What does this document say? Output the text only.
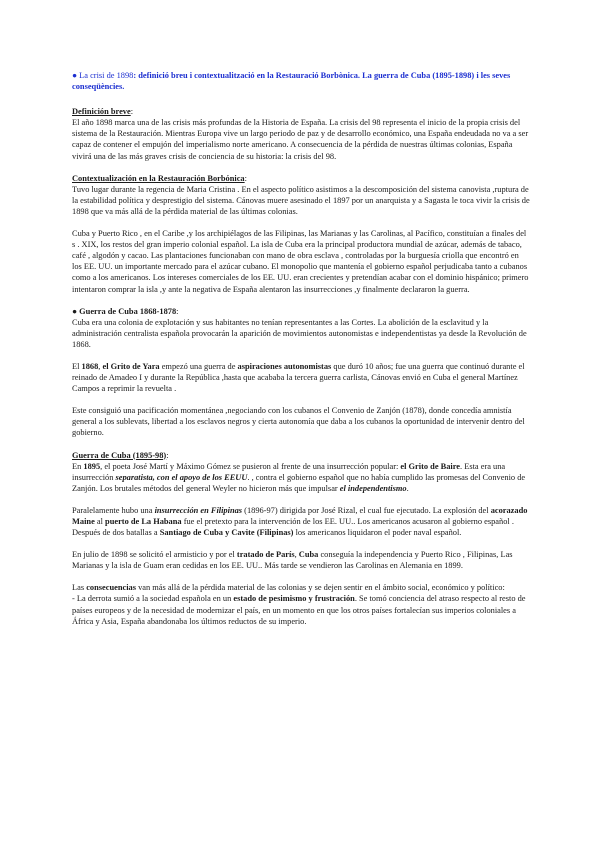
● La crisi de 1898: definició breu i contextualització en la Restauració Borbònica. La guerra de Cuba (1895-1898) i les seves conseqüències.

Definición breve:
El año 1898 marca una de las crisis más profundas de la Historia de España. La crisis del 98 representa el inicio de la propia crisis del sistema de la Restauración. Mientras Europa vive un largo periodo de paz y de desarrollo económico, una España endeudada no va a ser capaz de contener el empujón del imperialismo norte americano. A consecuencia de la pérdida de nuestras últimas colonias, España vivirá una de las más graves crisis de conciencia de su historia: la crisis del 98.

Contextualización en la Restauración Borbónica:
Tuvo lugar durante la regencia de Maria Cristina . En el aspecto político asistimos a la descomposición del sistema canovista ,ruptura de la estabilidad política y desprestigio del sistema. Cánovas muere asesinado el 1897 por un anarquista y a Sagasta le toca vivir la crisis de 1898 que va más allá de la pérdida material de las últimas colonias.

Cuba y Puerto Rico , en el Caribe ,y los archipiélagos de las Filipinas, las Marianas y las Carolinas, al Pacífico, constituían a finales del s . XIX, los restos del gran imperio colonial español. La isla de Cuba era la principal productora mundial de azúcar, además de tabaco, café , algodón y cacao. Las plantaciones funcionaban con mano de obra esclava , controladas por la burguesía criolla que encontró en los EE. UU. un importante mercado para el azúcar cubano. El monopolio que mantenía el gobierno español perjudicaba tanto a cubanos como a los americanos. Los intereses comerciales de los EE. UU. eran crecientes y pretendían acabar con el dominio hispánico; primero intentaron comprar la isla ,y ante la negativa de España alentaron las insurrecciones ,y finalmente declararon la guerra.

● Guerra de Cuba 1868-1878:
Cuba era una colonia de explotación y sus habitantes no tenían representantes a las Cortes. La abolición de la esclavitud y la administración centralista española provocarán la aparición de movimientos autonomistas e independentistas ya desde la Revolución de 1868.

El 1868, el Grito de Yara empezó una guerra de aspiraciones autonomistas que duró 10 años; fue una guerra que continuó durante el reinado de Amadeo I y durante la República ,hasta que acababa la tercera guerra carlista, Cánovas envió en Cuba el general Martínez Campos a reprimir la revuelta .

Este consiguió una pacificación momentánea ,negociando con los cubanos el Convenio de Zanjón (1878), donde concedía amnistía general a los sublevats, libertad a los esclavos negros y cierta autonomía que daba a los cubanos la oportunidad de intervenir dentro del gobierno.

Guerra de Cuba (1895-98):
En 1895, el poeta José Martí y Máximo Gómez se pusieron al frente de una insurrección popular: el Grito de Baire. Esta era una insurrección separatista, con el apoyo de los EEUU. , contra el gobierno español que no había cumplido las promesas del Convenio de Zanjón. Los brutales métodos del general Weyler no hicieron más que impulsar el independentismo.

Paralelamente hubo una insurrección en Filipinas (1896-97) dirigida por José Rizal, el cual fue ejecutado. La explosión del acorazado Maine al puerto de La Habana fue el pretexto para la intervención de los EE. UU.. Los americanos acusaron al gobierno español . Después de dos batallas a Santiago de Cuba y Cavite (Filipinas) los americanos liquidaron el poder naval español.

En julio de 1898 se solicitó el armisticio y por el tratado de París, Cuba conseguía la independencia y Puerto Rico , Filipinas, Las Marianas y la isla de Guam eran cedidas en los EE. UU.. Más tarde se vendieron las Carolinas en Alemania en 1899.

Las consecuencias van más allá de la pérdida material de las colonias y se dejen sentir en el ámbito social, económico y político:

- La derrota sumió a la sociedad española en un estado de pesimismo y frustración. Se tomó conciencia del atraso respecto al resto de países europeos y de la necesidad de modernizar el país, en un momento en que los otros países fortalecían sus imperios coloniales a África y Asia, España abandonaba los últimos reductos de su imperio.
